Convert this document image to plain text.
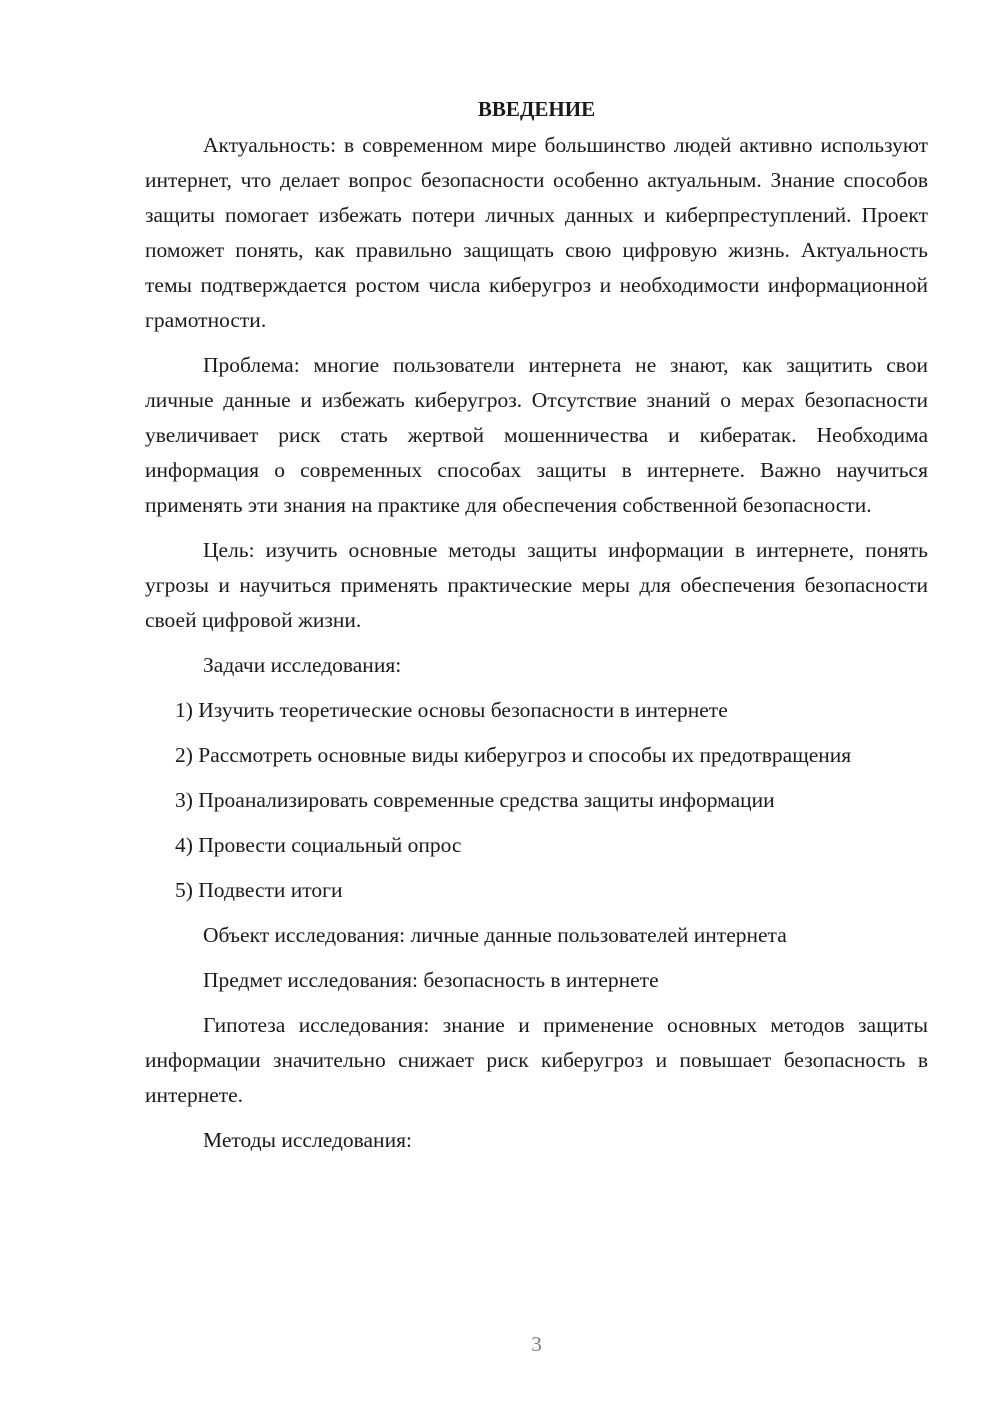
ВВЕДЕНИЕ

Актуальность: в современном мире большинство людей активно используют интернет, что делает вопрос безопасности особенно актуальным. Знание способов защиты помогает избежать потери личных данных и киберпреступлений. Проект поможет понять, как правильно защищать свою цифровую жизнь. Актуальность темы подтверждается ростом числа киберугроз и необходимости информационной грамотности.

Проблема: многие пользователи интернета не знают, как защитить свои личные данные и избежать киберугроз. Отсутствие знаний о мерах безопасности увеличивает риск стать жертвой мошенничества и кибератак. Необходима информация о современных способах защиты в интернете. Важно научиться применять эти знания на практике для обеспечения собственной безопасности.

Цель: изучить основные методы защиты информации в интернете, понять угрозы и научиться применять практические меры для обеспечения безопасности своей цифровой жизни.

Задачи исследования:

1) Изучить теоретические основы безопасности в интернете

2) Рассмотреть основные виды киберугроз и способы их предотвращения

3) Проанализировать современные средства защиты информации

4) Провести социальный опрос

5) Подвести итоги

Объект исследования: личные данные пользователей интернета

Предмет исследования: безопасность в интернете

Гипотеза исследования: знание и применение основных методов защиты информации значительно снижает риск киберугроз и повышает безопасность в интернете.

Методы исследования:

3
